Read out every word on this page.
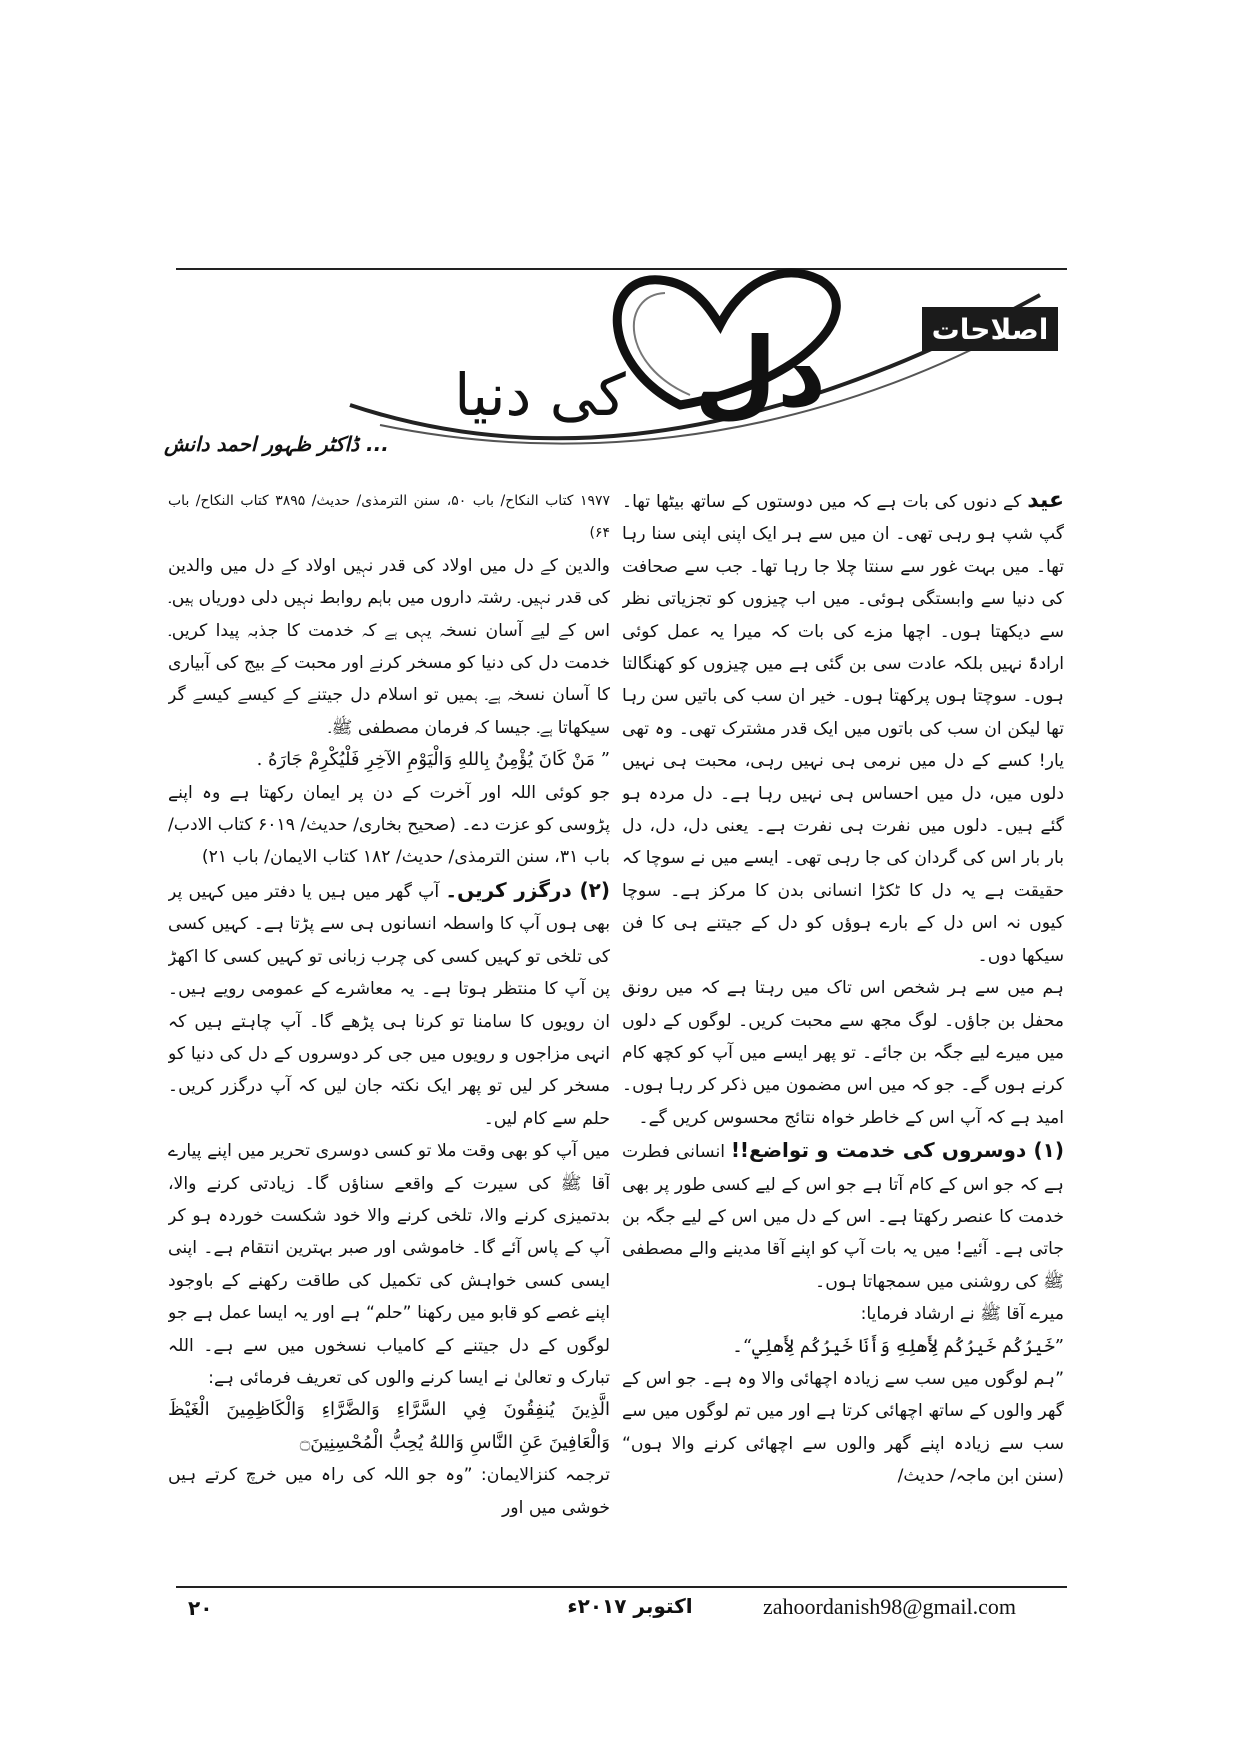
اصلاحات
دل
کی دنیا
... ڈاکٹر ظہور احمد دانش

عید کے دنوں کی بات ہے کہ میں دوستوں کے ساتھ بیٹھا تھا۔ گپ شپ ہو رہی تھی۔ ان میں سے ہر ایک اپنی اپنی سنا رہا تھا۔ میں بہت غور سے سنتا چلا جا رہا تھا۔ جب سے صحافت کی دنیا سے وابستگی ہوئی۔ میں اب چیزوں کو تجزیاتی نظر سے دیکھتا ہوں۔ اچھا مزے کی بات کہ میرا یہ عمل کوئی ارادۃً نہیں بلکہ عادت سی بن گئی ہے میں چیزوں کو کھنگالتا ہوں۔ سوچتا ہوں پرکھتا ہوں۔ خیر ان سب کی باتیں سن رہا تھا لیکن ان سب کی باتوں میں ایک قدر مشترک تھی۔ وہ تھی یار! کسے کے دل میں نرمی ہی نہیں رہی، محبت ہی نہیں دلوں میں، دل میں احساس ہی نہیں رہا ہے۔ دل مردہ ہو گئے ہیں۔ دلوں میں نفرت ہی نفرت ہے۔ یعنی دل، دل، دل بار بار اس کی گردان کی جا رہی تھی۔ ایسے میں نے سوچا کہ حقیقت ہے یہ دل کا ٹکڑا انسانی بدن کا مرکز ہے۔ سوچا کیوں نہ اس دل کے بارے ہوؤں کو دل کے جیتنے ہی کا فن سیکھا دوں۔

ہم میں سے ہر شخص اس تاک میں رہتا ہے کہ میں رونق محفل بن جاؤں۔ لوگ مجھ سے محبت کریں۔ لوگوں کے دلوں میں میرے لیے جگہ بن جائے۔ تو پھر ایسے میں آپ کو کچھ کام کرنے ہوں گے۔ جو کہ میں اس مضمون میں ذکر کر رہا ہوں۔ امید ہے کہ آپ اس کے خاطر خواہ نتائج محسوس کریں گے۔

(۱) دوسروں کی خدمت و تواضع!! انسانی فطرت ہے کہ جو اس کے کام آتا ہے جو اس کے لیے کسی طور پر بھی خدمت کا عنصر رکھتا ہے۔ اس کے دل میں اس کے لیے جگہ بن جاتی ہے۔ آئیے! میں یہ بات آپ کو اپنے آقا مدینے والے مصطفی ﷺ کی روشنی میں سمجھاتا ہوں۔

میرے آقا ﷺ نے ارشاد فرمایا:

”خَيرُكُم خَيرُكُم لِأَهلِهِ وَأَنَا خَيرُكُم لِأَهلِي“۔

”ہم لوگوں میں سب سے زیادہ اچھائی والا وہ ہے۔ جو اس کے گھر والوں کے ساتھ اچھائی کرتا ہے اور میں تم لوگوں میں سے سب سے زیادہ اپنے گھر والوں سے اچھائی کرنے والا ہوں“ (سنن ابن ماجہ/ حدیث/

۱۹۷۷ کتاب النکاح/ باب ۵۰، سنن الترمذی/ حدیث/ ۳۸۹۵ کتاب النکاح/ باب ۶۴)

والدین کے دل میں اولاد کی قدر نہیں اولاد کے دل میں والدین کی قدر نہیں۔ رشتہ داروں میں باہم روابط نہیں دلی دوریاں ہیں۔ اس کے لیے آسان نسخہ یہی ہے کہ خدمت کا جذبہ پیدا کریں۔ خدمت دل کی دنیا کو مسخر کرنے اور محبت کے بیج کی آبیاری کا آسان نسخہ ہے۔ ہمیں تو اسلام دل جیتنے کے کیسے کیسے گر سیکھاتا ہے۔ جیسا کہ فرمان مصطفی ﷺ۔

” مَنْ كَانَ يُؤْمِنُ بِاللهِ وَالْيَوْمِ الآخِرِ فَلْيُكْرِمْ جَارَهُ .

جو کوئی اللہ اور آخرت کے دن پر ایمان رکھتا ہے وہ اپنے پڑوسی کو عزت دے۔ (صحیح بخاری/ حدیث/ ۶۰۱۹ کتاب الادب/ باب ۳۱، سنن الترمذی/ حدیث/ ۱۸۲ کتاب الایمان/ باب ۲۱)

(۲) درگزر کریں۔ آپ گھر میں ہیں یا دفتر میں کہیں پر بھی ہوں آپ کا واسطہ انسانوں ہی سے پڑتا ہے۔ کہیں کسی کی تلخی تو کہیں کسی کی چرب زبانی تو کہیں کسی کا اکھڑ پن آپ کا منتظر ہوتا ہے۔ یہ معاشرے کے عمومی رویے ہیں۔ ان رویوں کا سامنا تو کرنا ہی پڑھے گا۔ آپ چاہتے ہیں کہ انہی مزاجوں و رویوں میں جی کر دوسروں کے دل کی دنیا کو مسخر کر لیں تو پھر ایک نکتہ جان لیں کہ آپ درگزر کریں۔ حلم سے کام لیں۔

میں آپ کو بھی وقت ملا تو کسی دوسری تحریر میں اپنے پیارے آقا ﷺ کی سیرت کے واقعے سناؤں گا۔ زیادتی کرنے والا، بدتمیزی کرنے والا، تلخی کرنے والا خود شکست خوردہ ہو کر آپ کے پاس آئے گا۔ خاموشی اور صبر بہترین انتقام ہے۔ اپنی ایسی کسی خواہش کی تکمیل کی طاقت رکھنے کے باوجود اپنے غصے کو قابو میں رکھنا ”حلم“ ہے اور یہ ایسا عمل ہے جو لوگوں کے دل جیتنے کے کامیاب نسخوں میں سے ہے۔ اللہ تبارک و تعالیٰ نے ایسا کرنے والوں کی تعریف فرمائی ہے:

الَّذِينَ يُنفِقُونَ فِي السَّرَّاءِ وَالضَّرَّاءِ وَالْكَاظِمِينَ الْغَيْظَ وَالْعَافِينَ عَنِ النَّاسِ وَاللهُ يُحِبُّ الْمُحْسِنِينَ۝

ترجمہ کنزالایمان: ”وہ جو اللہ کی راہ میں خرچ کرتے ہیں خوشی میں اور

zahoordanish98@gmail.com
اکتوبر ۲۰۱۷ء
۲۰
